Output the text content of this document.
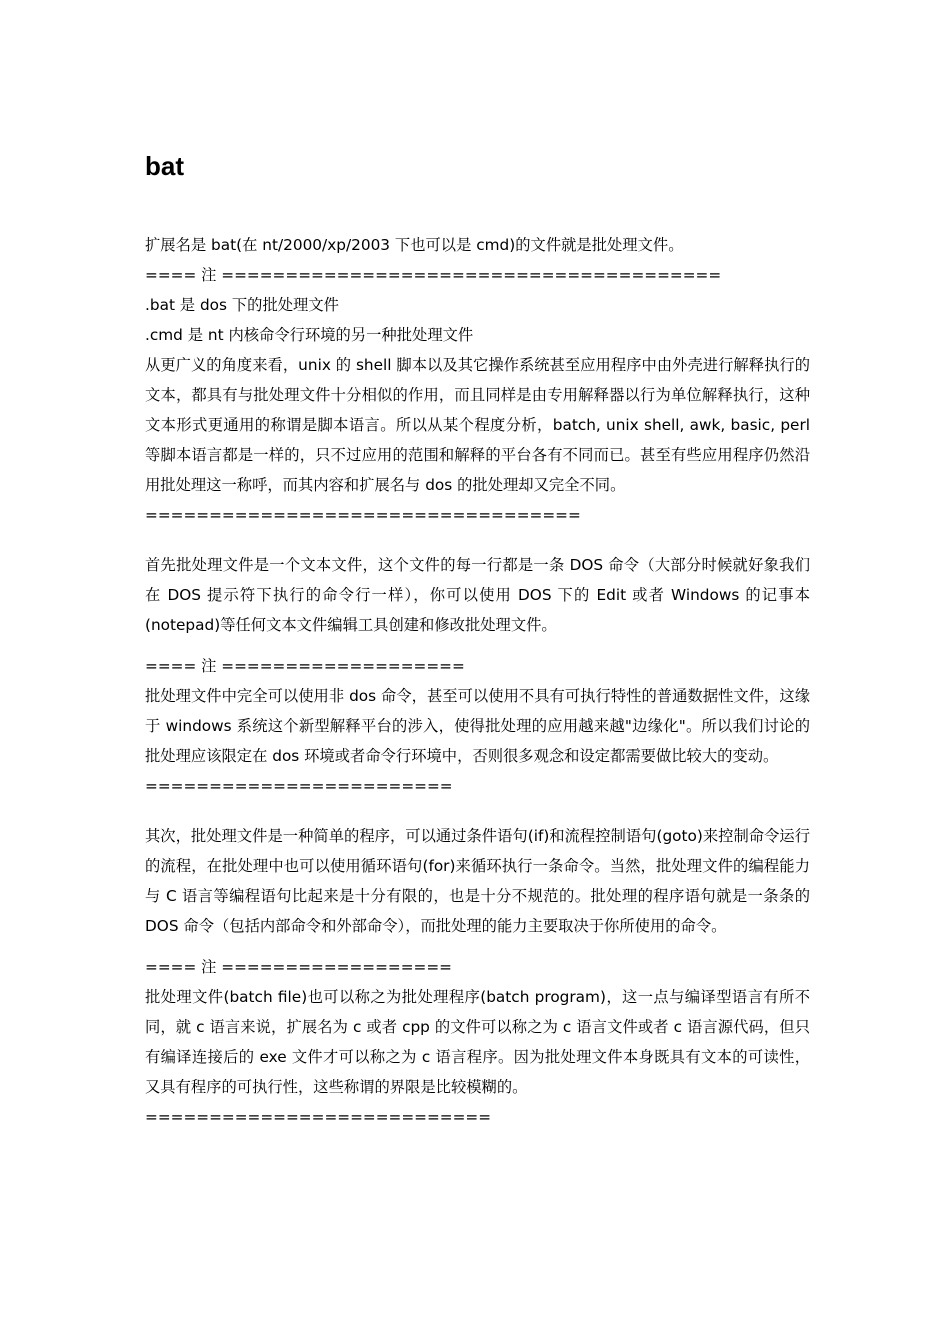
bat

扩展名是 bat(在 nt/2000/xp/2003 下也可以是 cmd)的文件就是批处理文件。

==== 注 =======================================

.bat 是 dos 下的批处理文件

.cmd 是 nt 内核命令行环境的另一种批处理文件

从更广义的角度来看，unix 的 shell 脚本以及其它操作系统甚至应用程序中由外壳进行解释执行的文本，都具有与批处理文件十分相似的作用，而且同样是由专用解释器以行为单位解释执行，这种文本形式更通用的称谓是脚本语言。所以从某个程度分析，batch, unix shell, awk, basic, perl 等脚本语言都是一样的，只不过应用的范围和解释的平台各有不同而已。甚至有些应用程序仍然沿用批处理这一称呼，而其内容和扩展名与 dos 的批处理却又完全不同。

==================================

首先批处理文件是一个文本文件，这个文件的每一行都是一条 DOS 命令（大部分时候就好象我们在 DOS 提示符下执行的命令行一样），你可以使用 DOS 下的 Edit 或者 Windows 的记事本(notepad)等任何文本文件编辑工具创建和修改批处理文件。

==== 注 ===================

批处理文件中完全可以使用非 dos 命令，甚至可以使用不具有可执行特性的普通数据性文件，这缘于 windows 系统这个新型解释平台的涉入，使得批处理的应用越来越"边缘化"。所以我们讨论的批处理应该限定在 dos 环境或者命令行环境中，否则很多观念和设定都需要做比较大的变动。

========================

其次，批处理文件是一种简单的程序，可以通过条件语句(if)和流程控制语句(goto)来控制命令运行的流程，在批处理中也可以使用循环语句(for)来循环执行一条命令。当然，批处理文件的编程能力与 C 语言等编程语句比起来是十分有限的，也是十分不规范的。批处理的程序语句就是一条条的 DOS 命令（包括内部命令和外部命令），而批处理的能力主要取决于你所使用的命令。

==== 注 ==================

批处理文件(batch file)也可以称之为批处理程序(batch program)，这一点与编译型语言有所不同，就 c 语言来说，扩展名为 c 或者 cpp 的文件可以称之为 c 语言文件或者 c 语言源代码，但只有编译连接后的 exe 文件才可以称之为 c 语言程序。因为批处理文件本身既具有文本的可读性，又具有程序的可执行性，这些称谓的界限是比较模糊的。

===========================
